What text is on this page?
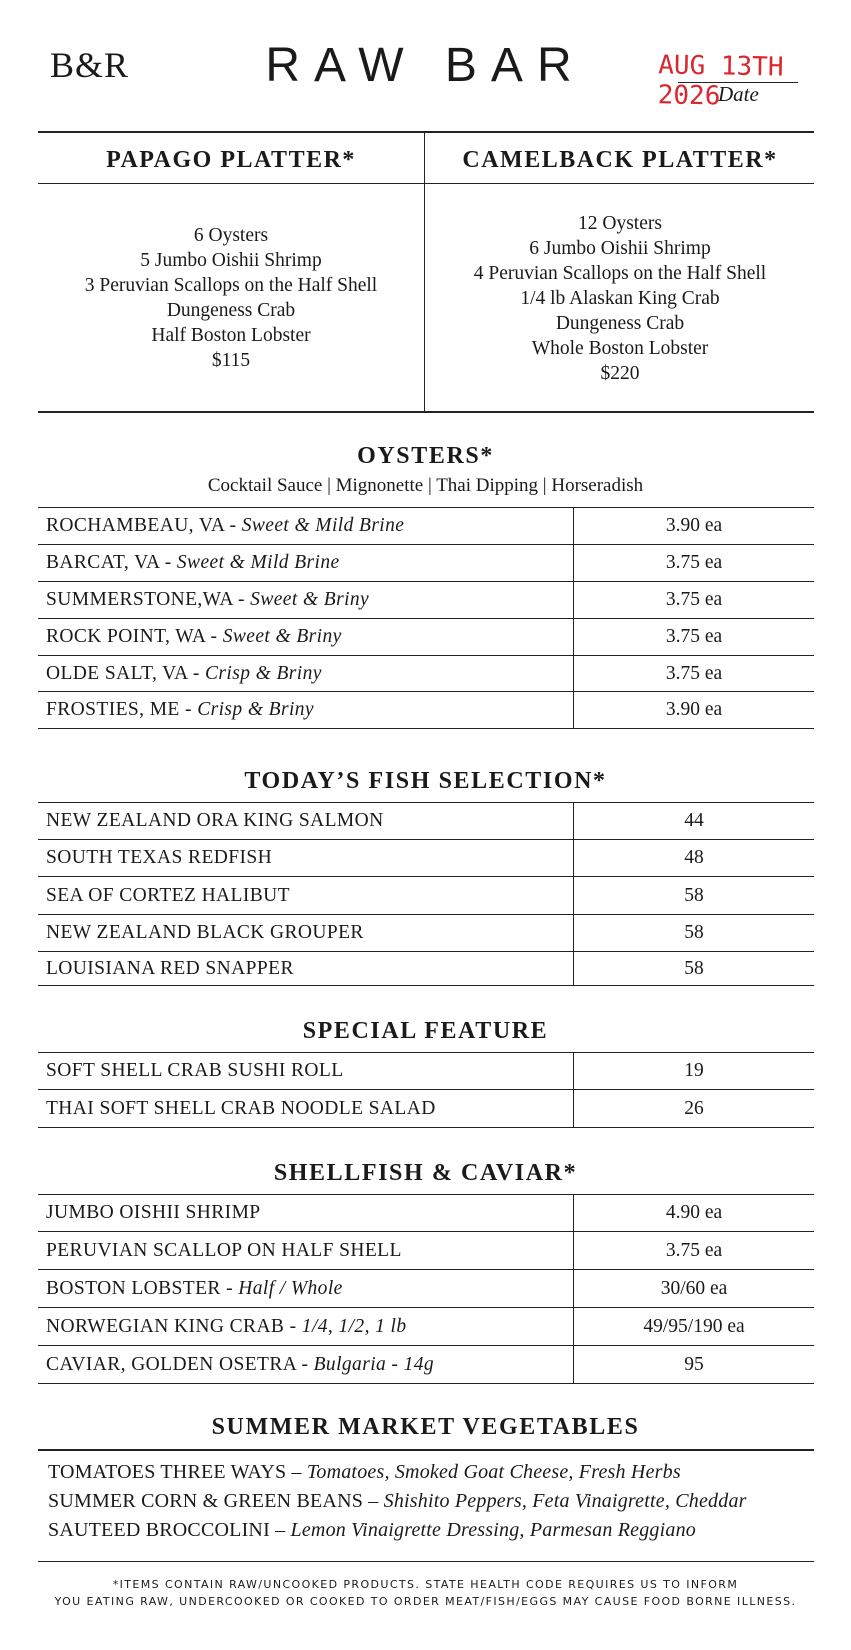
B&R	RAW BAR	AUG 13TH 2026
Date
PAPAGO PLATTER*	CAMELBACK PLATTER*
6 Oysters
5 Jumbo Oishii Shrimp
3 Peruvian Scallops on the Half Shell
Dungeness Crab
Half Boston Lobster
$115
12 Oysters
6 Jumbo Oishii Shrimp
4 Peruvian Scallops on the Half Shell
1/4 lb Alaskan King Crab
Dungeness Crab
Whole Boston Lobster
$220
OYSTERS*
Cocktail Sauce | Mignonette | Thai Dipping | Horseradish
ROCHAMBEAU, VA - Sweet & Mild Brine	3.90 ea
BARCAT, VA - Sweet & Mild Brine	3.75 ea
SUMMERSTONE,WA - Sweet & Briny	3.75 ea
ROCK POINT, WA - Sweet & Briny	3.75 ea
OLDE SALT, VA - Crisp & Briny	3.75 ea
FROSTIES, ME - Crisp & Briny	3.90 ea
TODAY’S FISH SELECTION*
NEW ZEALAND ORA KING SALMON	44
SOUTH TEXAS REDFISH	48
SEA OF CORTEZ HALIBUT	58
NEW ZEALAND BLACK GROUPER	58
LOUISIANA RED SNAPPER	58
SPECIAL FEATURE
SOFT SHELL CRAB SUSHI ROLL	19
THAI SOFT SHELL CRAB NOODLE SALAD	26
SHELLFISH & CAVIAR*
JUMBO OISHII SHRIMP	4.90 ea
PERUVIAN SCALLOP ON HALF SHELL	3.75 ea
BOSTON LOBSTER - Half / Whole	30/60 ea
NORWEGIAN KING CRAB - 1/4, 1/2, 1 lb	49/95/190 ea
CAVIAR, GOLDEN OSETRA - Bulgaria - 14g	95
SUMMER MARKET VEGETABLES
TOMATOES THREE WAYS – Tomatoes, Smoked Goat Cheese, Fresh Herbs
SUMMER CORN & GREEN BEANS – Shishito Peppers, Feta Vinaigrette, Cheddar
SAUTEED BROCCOLINI – Lemon Vinaigrette Dressing, Parmesan Reggiano
*ITEMS CONTAIN RAW/UNCOOKED PRODUCTS. STATE HEALTH CODE REQUIRES US TO INFORM
YOU EATING RAW, UNDERCOOKED OR COOKED TO ORDER MEAT/FISH/EGGS MAY CAUSE FOOD BORNE ILLNESS.
